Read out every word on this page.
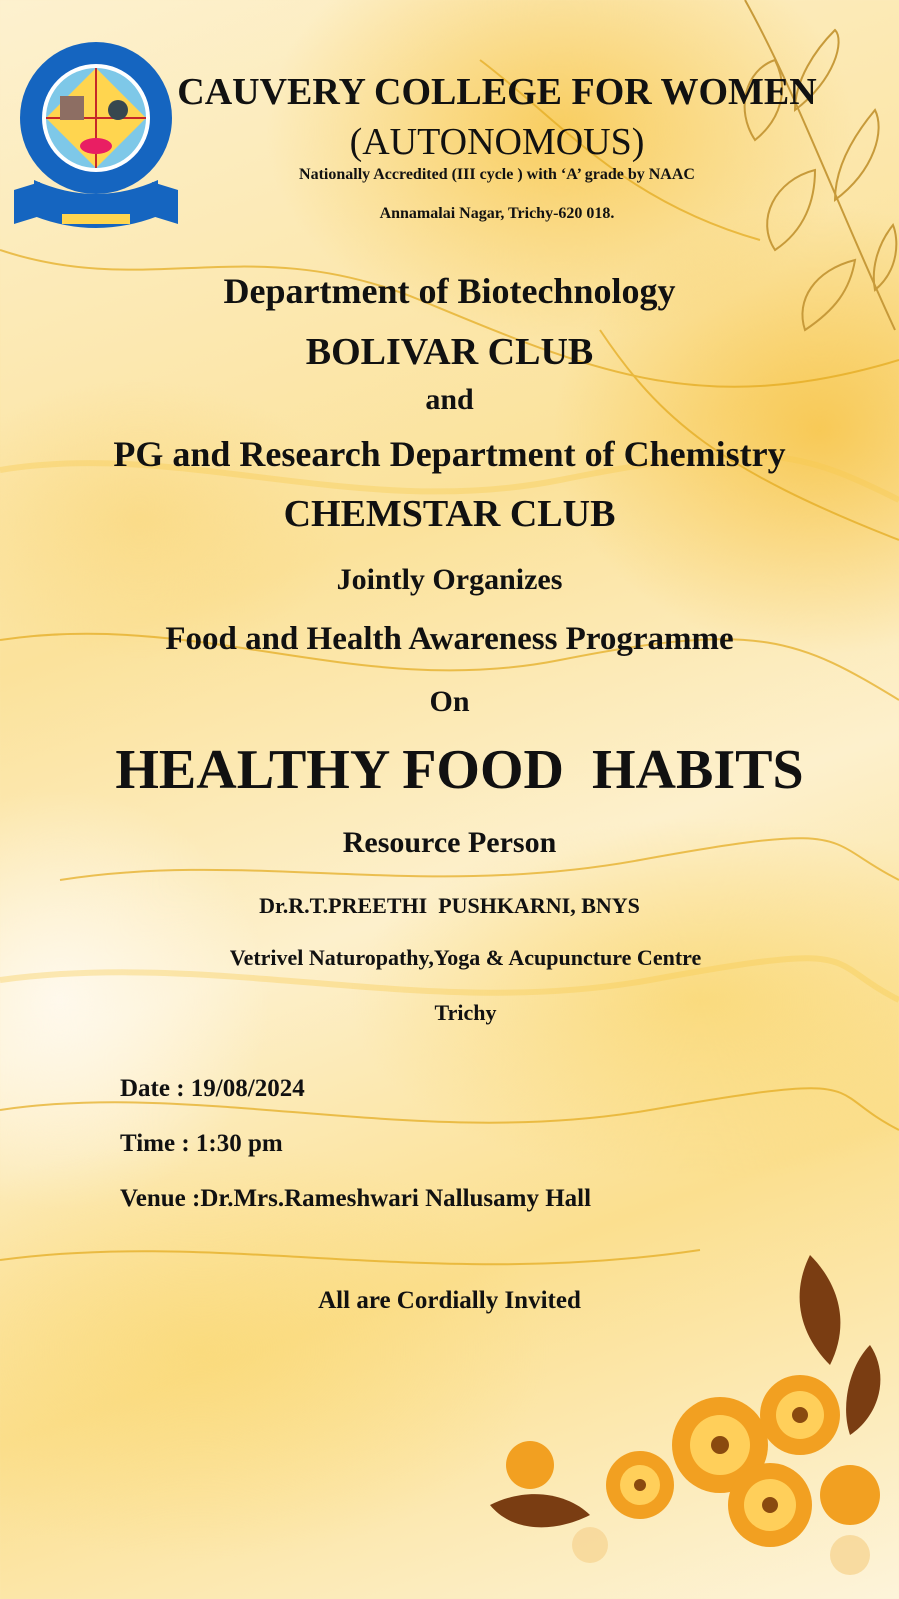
CAUVERY COLLEGE FOR WOMEN
(AUTONOMOUS)
Nationally Accredited (III cycle ) with ‘A’ grade by NAAC
Annamalai Nagar, Trichy-620 018.
Department of Biotechnology
BOLIVAR CLUB
and
PG and Research Department of Chemistry
CHEMSTAR CLUB
Jointly Organizes
Food and Health Awareness Programme
On
HEALTHY FOOD  HABITS
Resource Person
Dr.R.T.PREETHI  PUSHKARNI, BNYS
Vetrivel Naturopathy,Yoga & Acupuncture Centre
Trichy
Date : 19/08/2024
Time : 1:30 pm
Venue :Dr.Mrs.Rameshwari Nallusamy Hall
All are Cordially Invited
